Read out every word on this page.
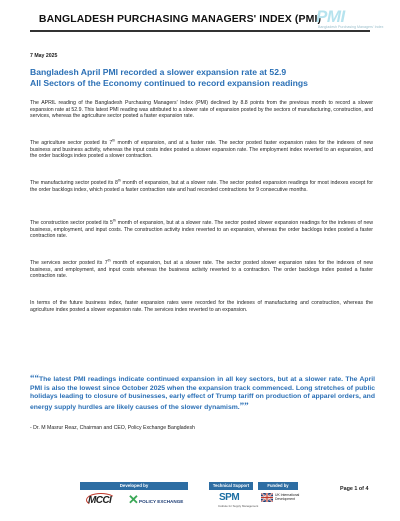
BANGLADESH PURCHASING MANAGERS' INDEX (PMI)
PMI
Bangladesh Purchasing Managers' Index
7 May 2025
Bangladesh April PMI recorded a slower expansion rate at 52.9
All Sectors of the Economy continued to record expansion readings

The APRIL reading of the Bangladesh Purchasing Managers' Index (PMI) declined by 8.8 points from the previous month to record a slower expansion rate at 52.9. This latest PMI reading was attributed to a slower rate of expansion posted by the sectors of manufacturing, construction, and services, whereas the agriculture sector posted a faster expansion rate.

The agriculture sector posted its 7th month of expansion, and at a faster rate. The sector posted faster expansion rates for the indexes of new business and business activity, whereas the input costs index posted a slower expansion rate. The employment index reverted to an expansion, and the order backlogs index posted a slower contraction.

The manufacturing sector posted its 8th month of expansion, but at a slower rate. The sector posted expansion readings for most indexes except for the order backlogs index, which posted a faster contraction rate and had recorded contractions for 9 consecutive months.

The construction sector posted its 5th month of expansion, but at a slower rate. The sector posted slower expansion readings for the indexes of new business, employment, and input costs. The construction activity index reverted to an expansion, whereas the order backlogs index posted a faster contraction rate.

The services sector posted its 7th month of expansion, but at a slower rate. The sector posted slower expansion rates for the indexes of new business, and employment, and input costs whereas the business activity reverted to a contraction. The order backlogs index posted a faster contraction rate.

In terms of the future business index, faster expansion rates were recorded for the indexes of manufacturing and construction, whereas the agriculture index posted a slower expansion rate. The services index reverted to an expansion.

““The latest PMI readings indicate continued expansion in all key sectors, but at a slower rate. The April PMI is also the lowest since October 2025 when the expansion track commenced. Long stretches of public holidays leading to closure of businesses, early effect of Trump tariff on production of apparel orders, and energy supply hurdles are likely causes of the slower dynamism.””
- Dr. M Masrur Reaz, Chairman and CEO, Policy Exchange Bangladesh
Developed by	Technical Support	Funded by
MCCI ✕ POLICY EXCHANGE	SPM
Institute for Supply Management
UK International
Development
Page 1 of 4
